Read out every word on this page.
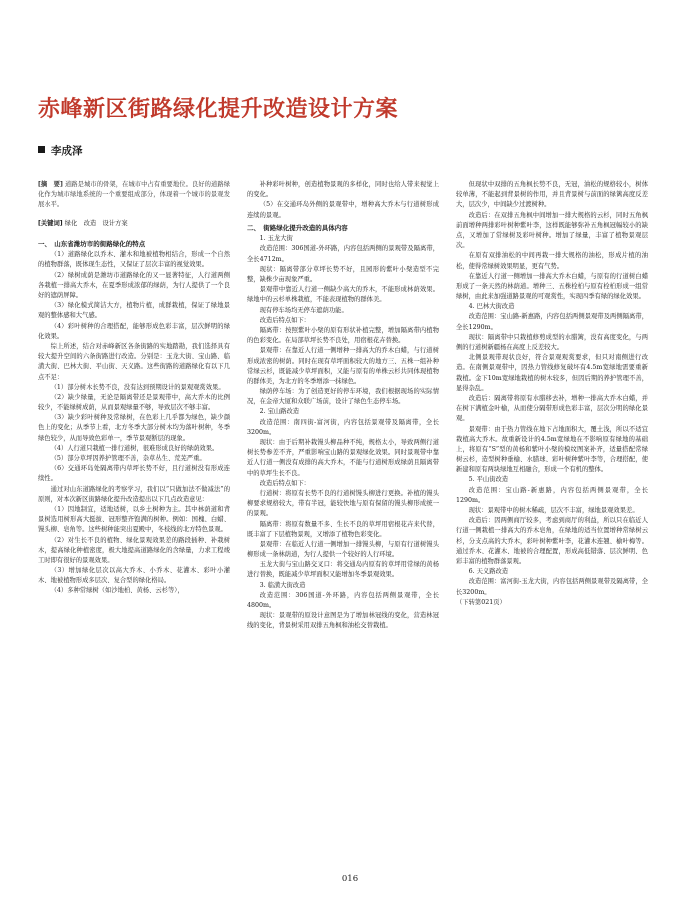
赤峰新区街路绿化提升改造设计方案
李成泽

[摘　要] 道路是城市的骨架，在城市中占有重要地位。良好的道路绿化作为城市绿地系统的一个重要组成部分，体现着一个城市的景观发展水平。

[关键词] 绿化　改造　设计方案

一、　山东省潍坊市的街路绿化的特点

（1）道路绿化以乔木、灌木和地被植物相结合，形成一个自然的植物群落，既体现生态性，又保证了层次丰富的视觉效果。

（2）绿树成荫是潍坊市道路绿化的又一显著特征，人行道两侧各栽植一排高大乔木，在夏季形成浓郁的绿荫，为行人提供了一个良好的遮荫屏障。

（3）绿化模式简洁大方，植物片植，成群栽植，保证了绿地景观的整体感和大气感。

（4）彩叶树种的合理搭配，能够形成色彩丰富，层次鲜明的绿化效果。

综上所述，结合对赤峰新区各条街路的实地踏勘，我们选择具有较大提升空间的六条街路进行改造。分别是：玉龙大街、宝山路、临潢大街、巴林大街、平山街、天义路。这些街路的道路绿化有以下几点不足：

（1）部分树木长势不良，没有达到预期设计的景观观赏效果。

（2）缺少绿量，无论是隔离带还是景观带中，高大乔木的比例较少，不能绿树成荫，从而景观绿量不够，导致层次不够丰富。

（3）缺少彩叶树种及常绿树，在色彩上几乎都为绿色，缺少颜色上的变化；从季节上看，北方冬季大部分树木均为落叶树种，冬季绿色较少，从而导致色彩单一，季节景观断层的现象。

（4）人行道只栽植一排行道树，很难形成良好的绿荫效果。

（5）部分草坪因养护管理不善，杂草丛生、荒芜严重。

（6）交通环岛处隔离带内草坪长势不好，且行道树没有形成连续性。

通过对山东道路绿化的考察学习，我们以“只做加法不做减法”的原则，对本次新区街路绿化提升改造提出以下几点改造意见：

（1）因地制宜，适地适树，以乡土树种为主。其中林荫道和背景树选用树形高大挺拔、冠形整齐饱满的树种。例如：国槐、白蜡、馒头柳、皂角等。这些树种能突出夏殿中，冬枝线的北方特色景观。

（2）对生长不良的植物、绿化景观效果差的路段插种、补栽树木，提高绿化种植密度，极大地提高道路绿化的含绿量，力求工程竣工时即有很好的景观效果。

（3）增加绿化层次以高大乔木、小乔木、花灌木、彩叶小灌木、地被植物形成多层次、复合型的绿化格局。

（4）多种常绿树（如沙地柏、黄杨、云杉等），

补种彩叶树种，创造植物景观的多样化，同时也给人带来视觉上的变化。

（5）在交通环岛外侧的景观带中，增种高大乔木与行道树形成连续的景观。

二、　街路绿化提升改造的具体内容
1. 玉龙大街

改造范围：306国道-外环路，内容包括两侧的景观带及隔离带，全长4712m。

现状：隔离带部分草坪长势不好，且园形的紫叶小檗造型不完整，缺株少亩现象严重。

景观带中靠近人行道一侧缺少高大的乔木，不能形成林荫效果。绿地中的云杉单株栽植，不能表现植物的群体美。

现有停车场均无停车遮荫功能。

改造后特点如下：

隔离带：按照紫叶小檗的原有形状补植完整，增加隔离带内植物的色彩变化。在局部草坪长势不良处，用宿根花卉替换。

景观带：在靠近人行道一侧增种一排高大的乔木白蜡，与行道树形成浓密的树荫。同时在现有草坪面积较大的地方三、五株一组补种常绿云杉，既能减少草坪面积，又能与原有的单株云杉共同体现植物的群体美，为北方的冬季增添一抹绿色。

绿荫停车场：为了创造更好的停车环境，我们根据现场的实际情况，在金帝大厦和众联广场前，设计了绿色生态停车场。

2. 宝山路改造

改造范围：南四街-富河街，内容包括景观带及隔离带，全长3200m。

现状：由于后期补栽馒头柳品种不纯，规格太小，导致两侧行道树长势参差不齐，严重影响宝山路的景观绿化效果。同时景观带中靠近人行道一侧没有成排的高大乔木，不能与行道树形成绿荫且隔离带中的草坪生长不良。

改造后特点如下：

行道树：将原有长势不良的行道树馒头柳进行更换。补植的馒头柳要求规格较大，带有半冠，能较快地与原有保留的馒头柳形成统一的景观。

隔离带：将原有数量不多、生长不良的草坪用宿根花卉来代替，既丰富了下层植物景观，又增添了植物色彩变化。

景观带：在临近人行道一侧增加一排馒头柳，与原有行道树馒头柳形成一条林荫道，为行人提供一个较好的人行环境。

玉龙大街与宝山路交叉口：将交通岛内原有的草坪用常绿的黄杨进行替换，既能减少草坪面积又能增加冬季景观效果。

3. 临潢大街改造

改造范围：306国道-外环路，内容包括两侧景观带，全长4800m。

现状：景观带的原设计意图是为了增加林冠线的变化，营造林冠线的变化，背景树采用双排五角枫和油松交替栽植。

但现状中双排的五角枫长势不良，无冠，油松的规格较小，树体较单薄，不能起到背景树的作用，并且背景树与前面的绿篱高度反差大，层次少，中间缺少过渡树种。

改造后：在双排五角枫中间增加一排大规格的云杉，同时五角枫前面增种两排彩叶树种紫叶李，这样既能够弥补五角枫冠幅较小的缺点，又增加了常绿树及彩叶树种。增加了绿量，丰富了植物景观层次。

在原有双排油松的中间再栽一排大规格的油松，形成片植的油松，使得常绿树效果明显，更有气势。

在靠近人行道一侧增加一排高大乔木白蜡，与原有的行道树白蜡形成了一条天然的林荫道。增种三、五株栓柏与原有栓柏形成一组常绿树，由此来加强道路景观的可观赏性，实现四季有绿的绿化效果。

4. 巴林大街改造

改造范围：宝山路-新惠路，内容包括两侧景观带及两侧隔离带，全长1290m。

现状：隔离带中只栽植修剪成型的水腊篱，没有高度变化，与两侧的行道树新疆杨在高度上反差较大。

北侧景观带现状良好，符合景观观赏要求，但只对南侧进行改造。在南侧景观带中，因热力管线修复破坏有4.5m宽绿地需要重新栽植。金下10m宽绿地栽植的树木较多，但因后期的养护管理不善，显得杂乱。

改造后：隔离带将原有水腊移去补，增种一排高大乔木白蜡，并在树下满植金叶榆，从而使分隔带形成色彩丰富，层次分明的绿化景观。

景观带：由于热力管线在地下占地面积大，覆土浅，所以不适宜栽植高大乔木。故重新设计的4.5m宽绿地在不影响原有绿地的基础上，将原有“S”型的黄杨和紫叶小檗的模纹图案补齐，适量搭配常绿树云杉，造型树种垂榆、水腊球、彩叶树种紫叶李等，合理搭配，使新建和原有两块绿地互相融合，形成一个有机的整体。

5. 平山街改造

改造范围：宝山路-新惠路，内容包括两侧景观带，全长1290m。

现状：景观带中的树木稀疏，层次不丰富，绿地景观效果差。

改造后：因两侧商厅较多，考虑到商厅的利益，所以只在临近人行道一侧栽植一排高大的乔木皂角，在绿地的适当位置增种常绿树云杉，分支点高的大乔木，彩叶树种紫叶李，花灌木连翘、榆叶梅等。通过乔木、花灌木、地被的合理配置，形成高低错落、层次鲜明、色彩丰富的植物群落景观。

6. 天义路改造

改造范围：富河街-玉龙大街，内容包括两侧景观带及隔离带，全长3200m。

（下转第021页）

016
